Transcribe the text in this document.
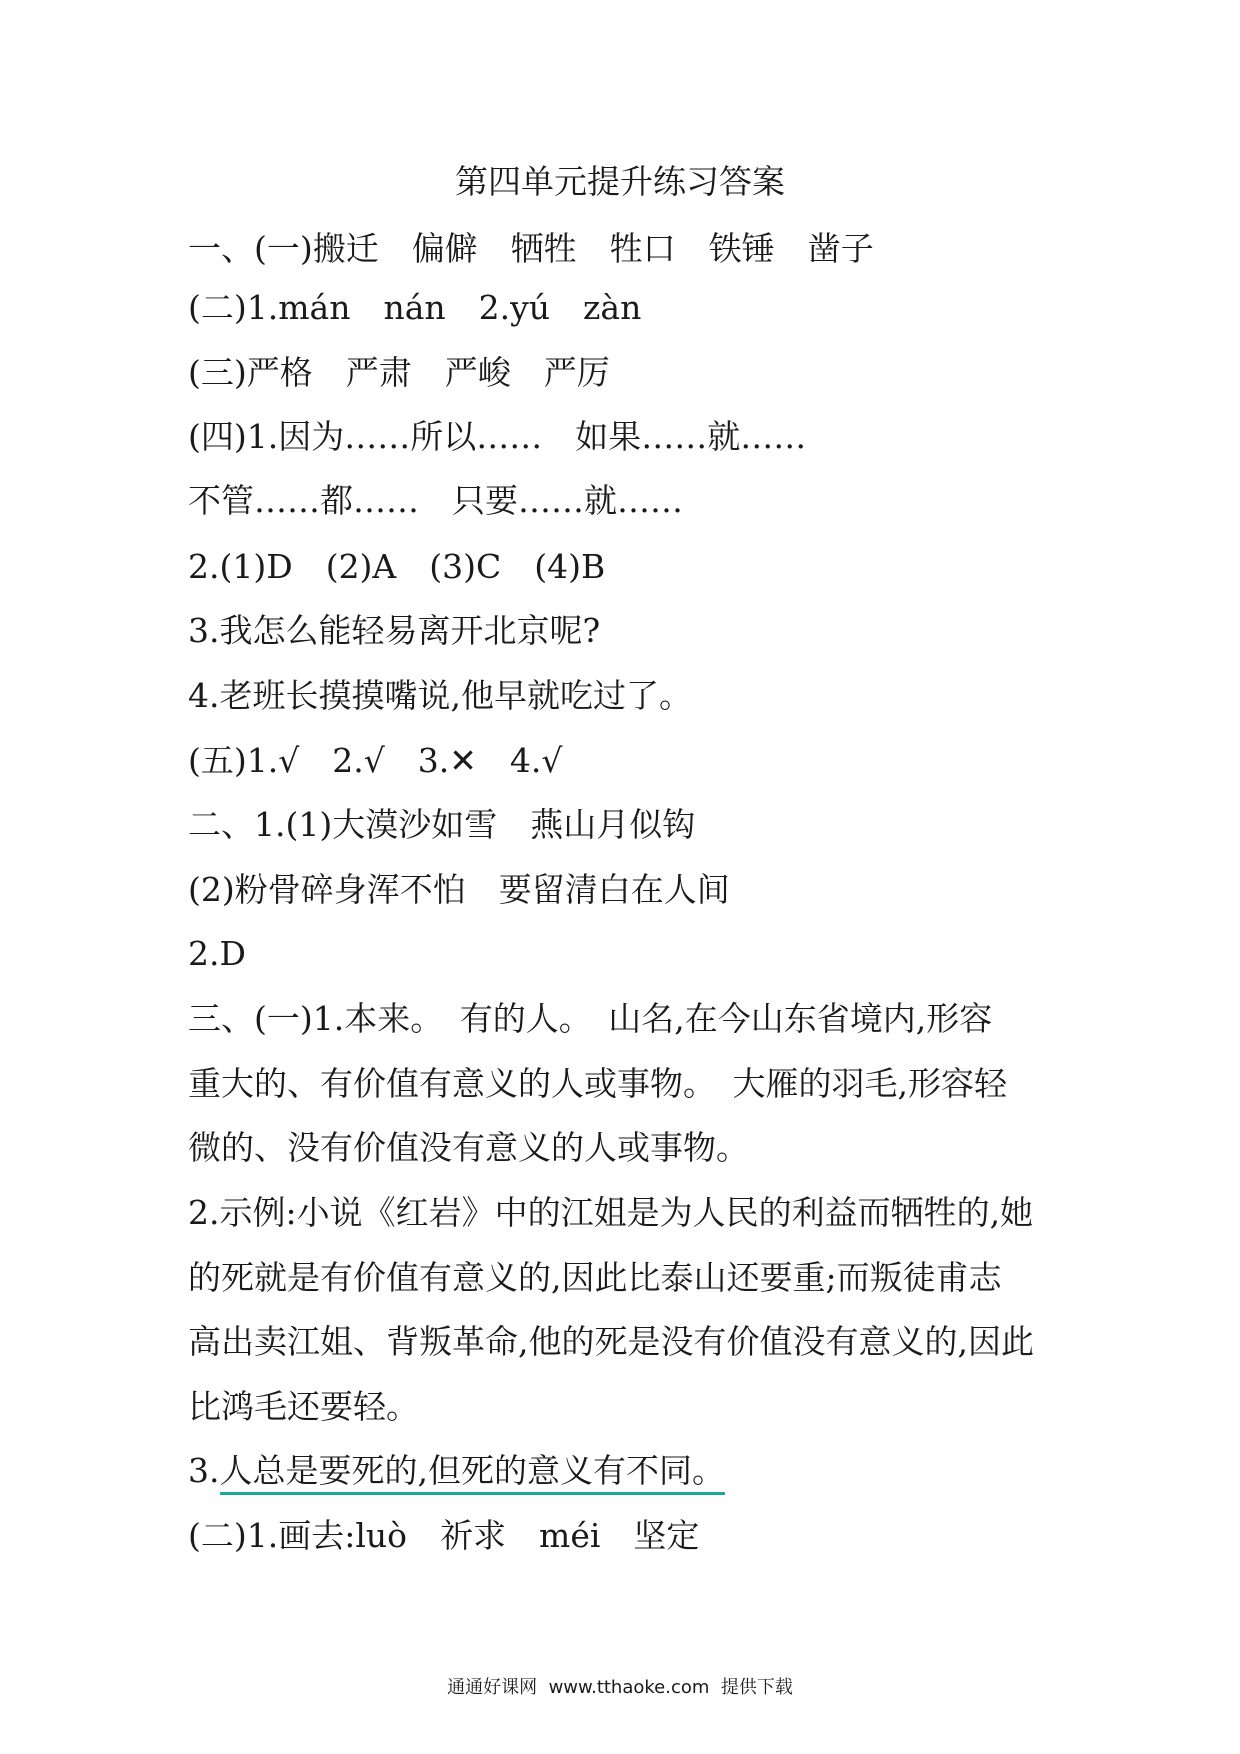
第四单元提升练习答案

一、(一)搬迁　偏僻　牺牲　牲口　铁锤　凿子

(二)1.mán　nán　2.yú　zàn

(三)严格　严肃　严峻　严厉

(四)1.因为……所以……　如果……就……

不管……都……　只要……就……

2.(1)D　(2)A　(3)C　(4)B

3.我怎么能轻易离开北京呢?

4.老班长摸摸嘴说,他早就吃过了。

(五)1.√　2.√　3.✕　4.√

二、1.(1)大漠沙如雪　燕山月似钩

(2)粉骨碎身浑不怕　要留清白在人间

2.D

三、(一)1.本来。　有的人。　山名,在今山东省境内,形容

重大的、有价值有意义的人或事物。　大雁的羽毛,形容轻

微的、没有价值没有意义的人或事物。

2.示例:小说《红岩》中的江姐是为人民的利益而牺牲的,她

的死就是有价值有意义的,因此比泰山还要重;而叛徒甫志

高出卖江姐、背叛革命,他的死是没有价值没有意义的,因此

比鸿毛还要轻。

3.人总是要死的,但死的意义有不同。

(二)1.画去:luò　祈求　méi　坚定

通通好课网  www.tthaoke.com  提供下载
